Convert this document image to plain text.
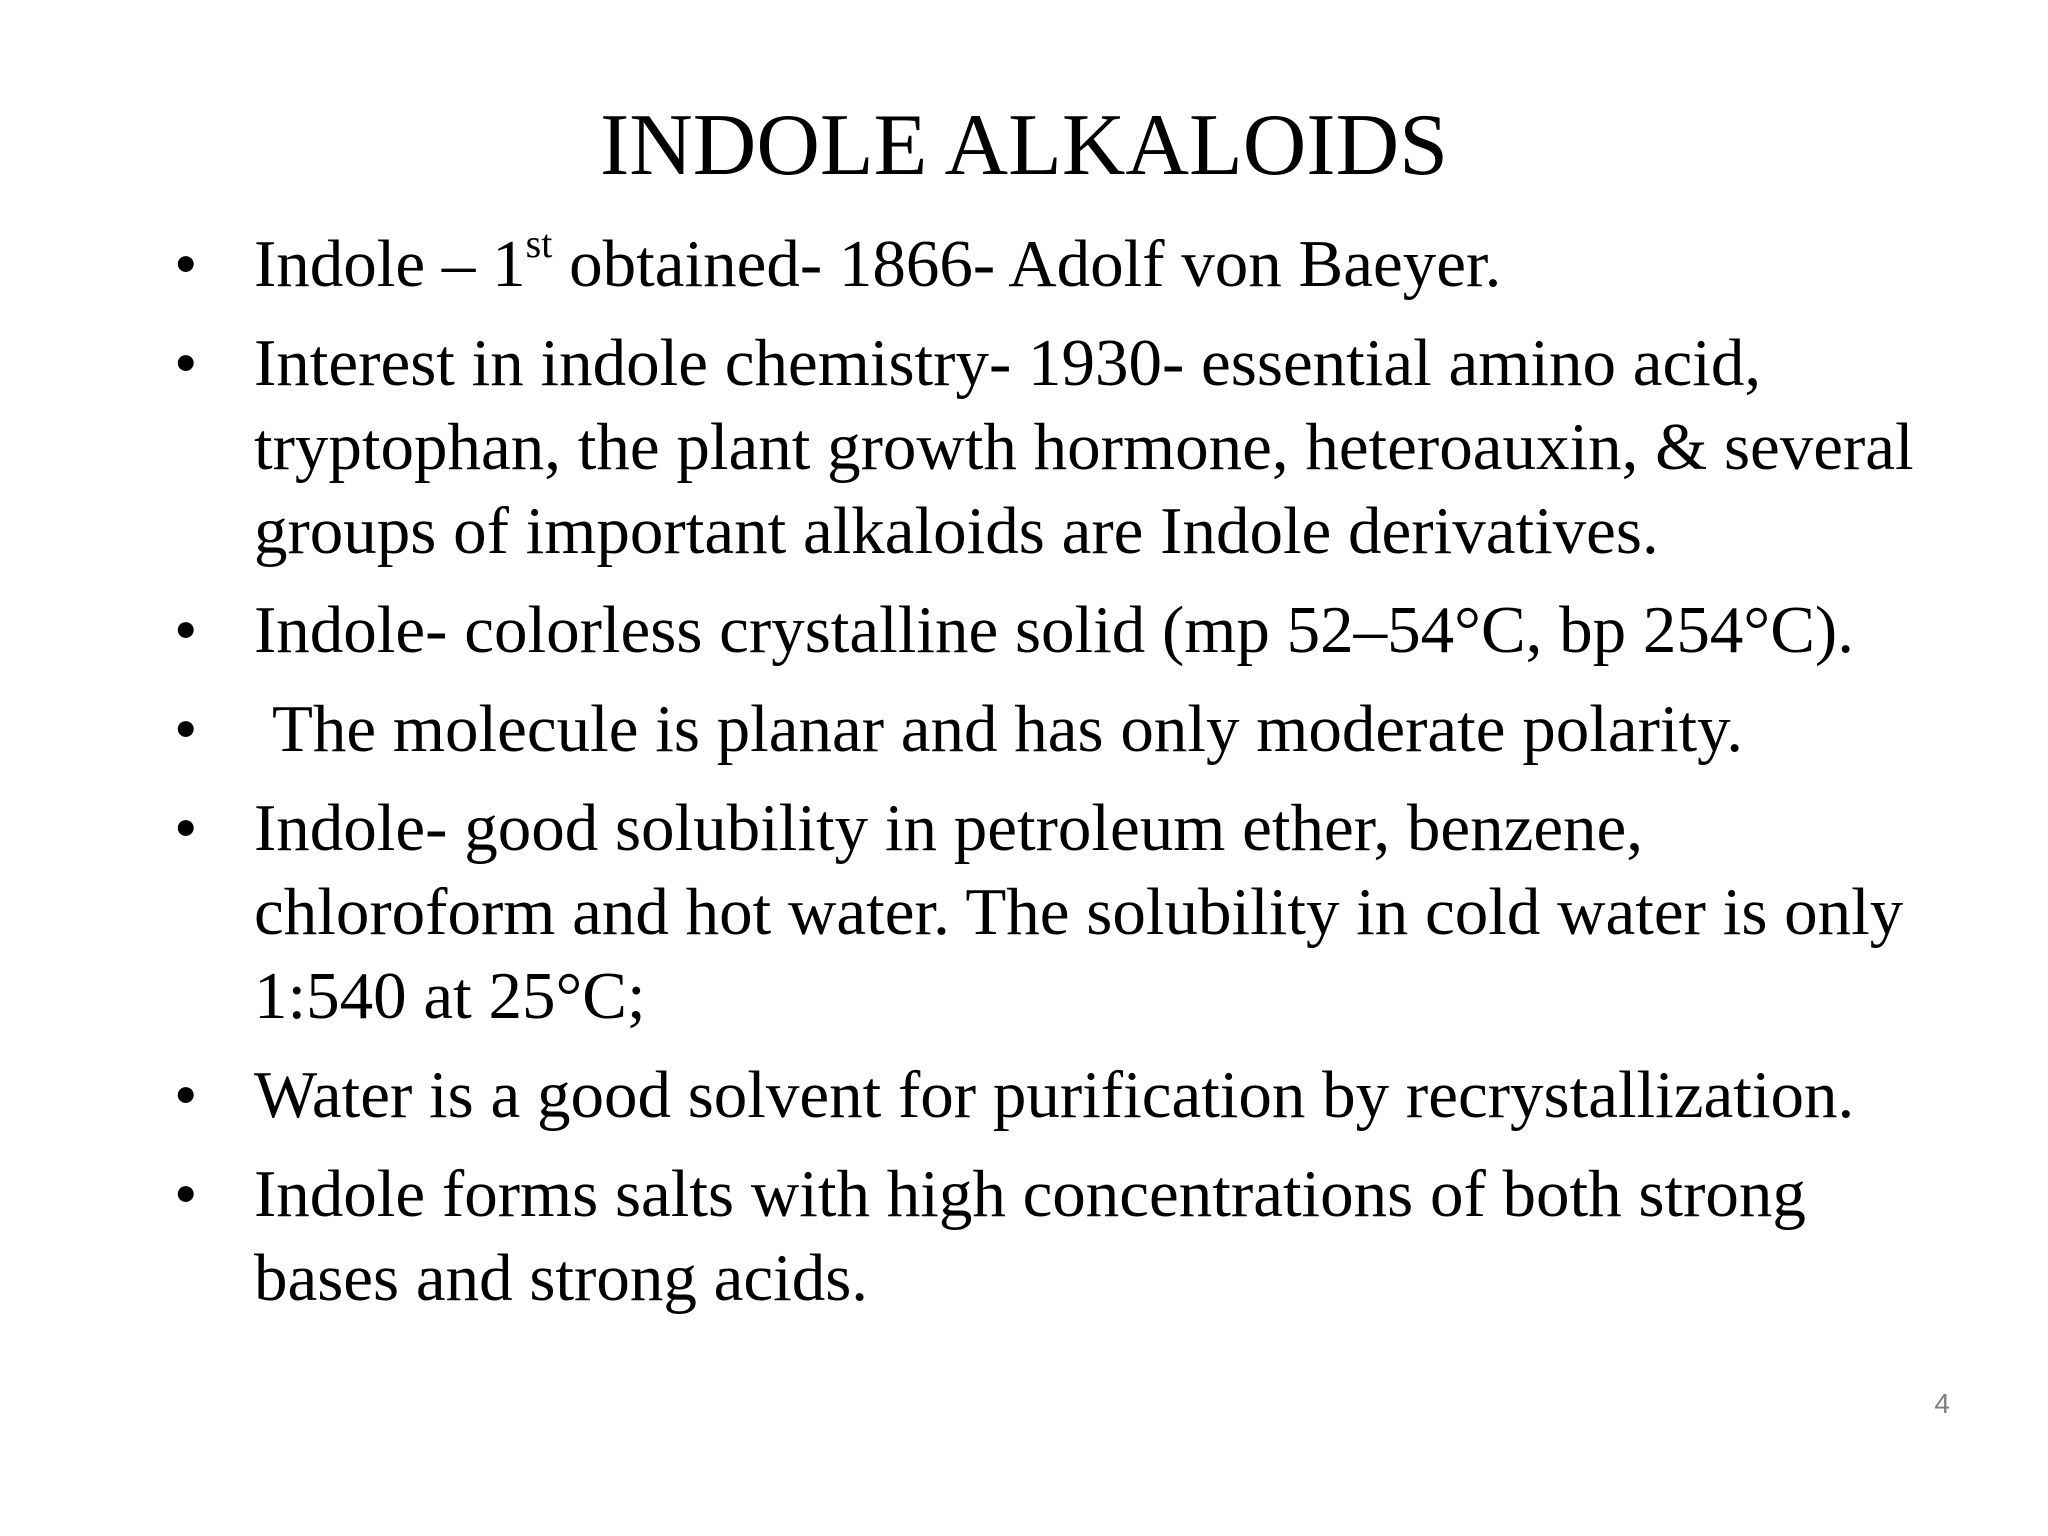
INDOLE ALKALOIDS
• Indole – 1st obtained- 1866- Adolf von Baeyer.
• Interest in indole chemistry- 1930- essential amino acid, tryptophan, the plant growth hormone, heteroauxin, & several groups of important alkaloids are Indole derivatives.
• Indole- colorless crystalline solid (mp 52–54°C, bp 254°C).
• The molecule is planar and has only moderate polarity.
• Indole- good solubility in petroleum ether, benzene, chloroform and hot water. The solubility in cold water is only 1:540 at 25°C;
• Water is a good solvent for purification by recrystallization.
• Indole forms salts with high concentrations of both strong bases and strong acids.
4
